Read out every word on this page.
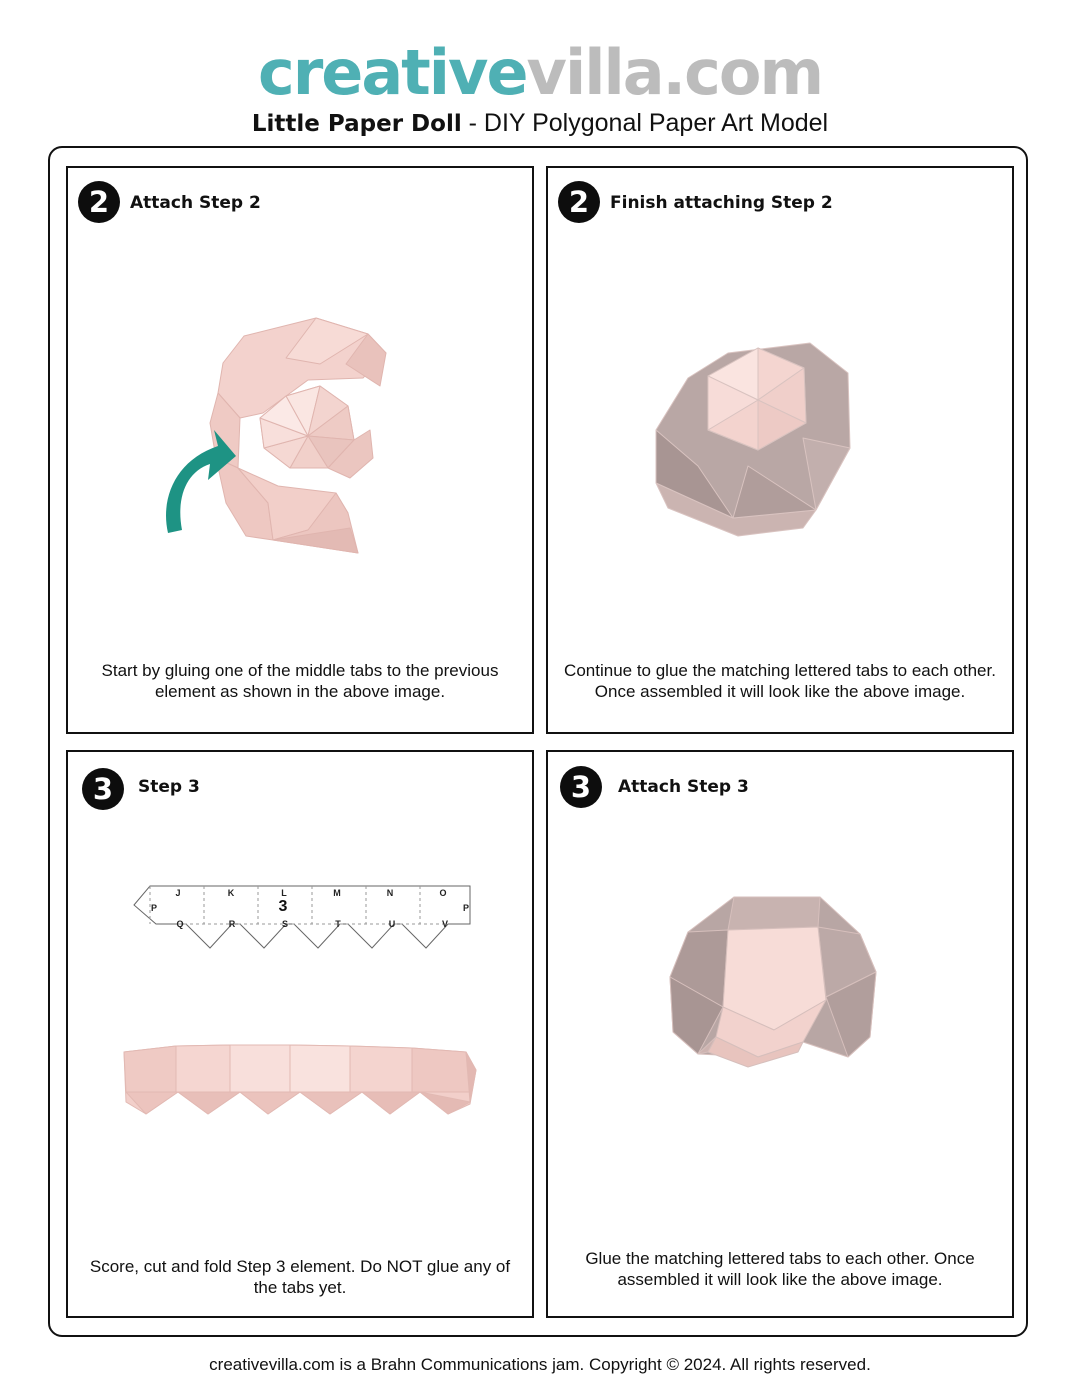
creativevilla.com
Little Paper Doll - DIY Polygonal Paper Art Model
2	Attach Step 2
Start by gluing one of the middle tabs to the previous element as shown in the above image.
2	Finish attaching Step 2
Continue to glue the matching lettered tabs to each other. Once assembled it will look like the above image.
3	Step 3
J	K	L	M	N	O
P	P
Q	R	S	T	U	V
3
Score, cut and fold Step 3 element. Do NOT glue any of the tabs yet.
3	Attach Step 3
Glue the matching lettered tabs to each other. Once assembled it will look like the above image.
creativevilla.com is a Brahn Communications jam. Copyright © 2024. All rights reserved.
